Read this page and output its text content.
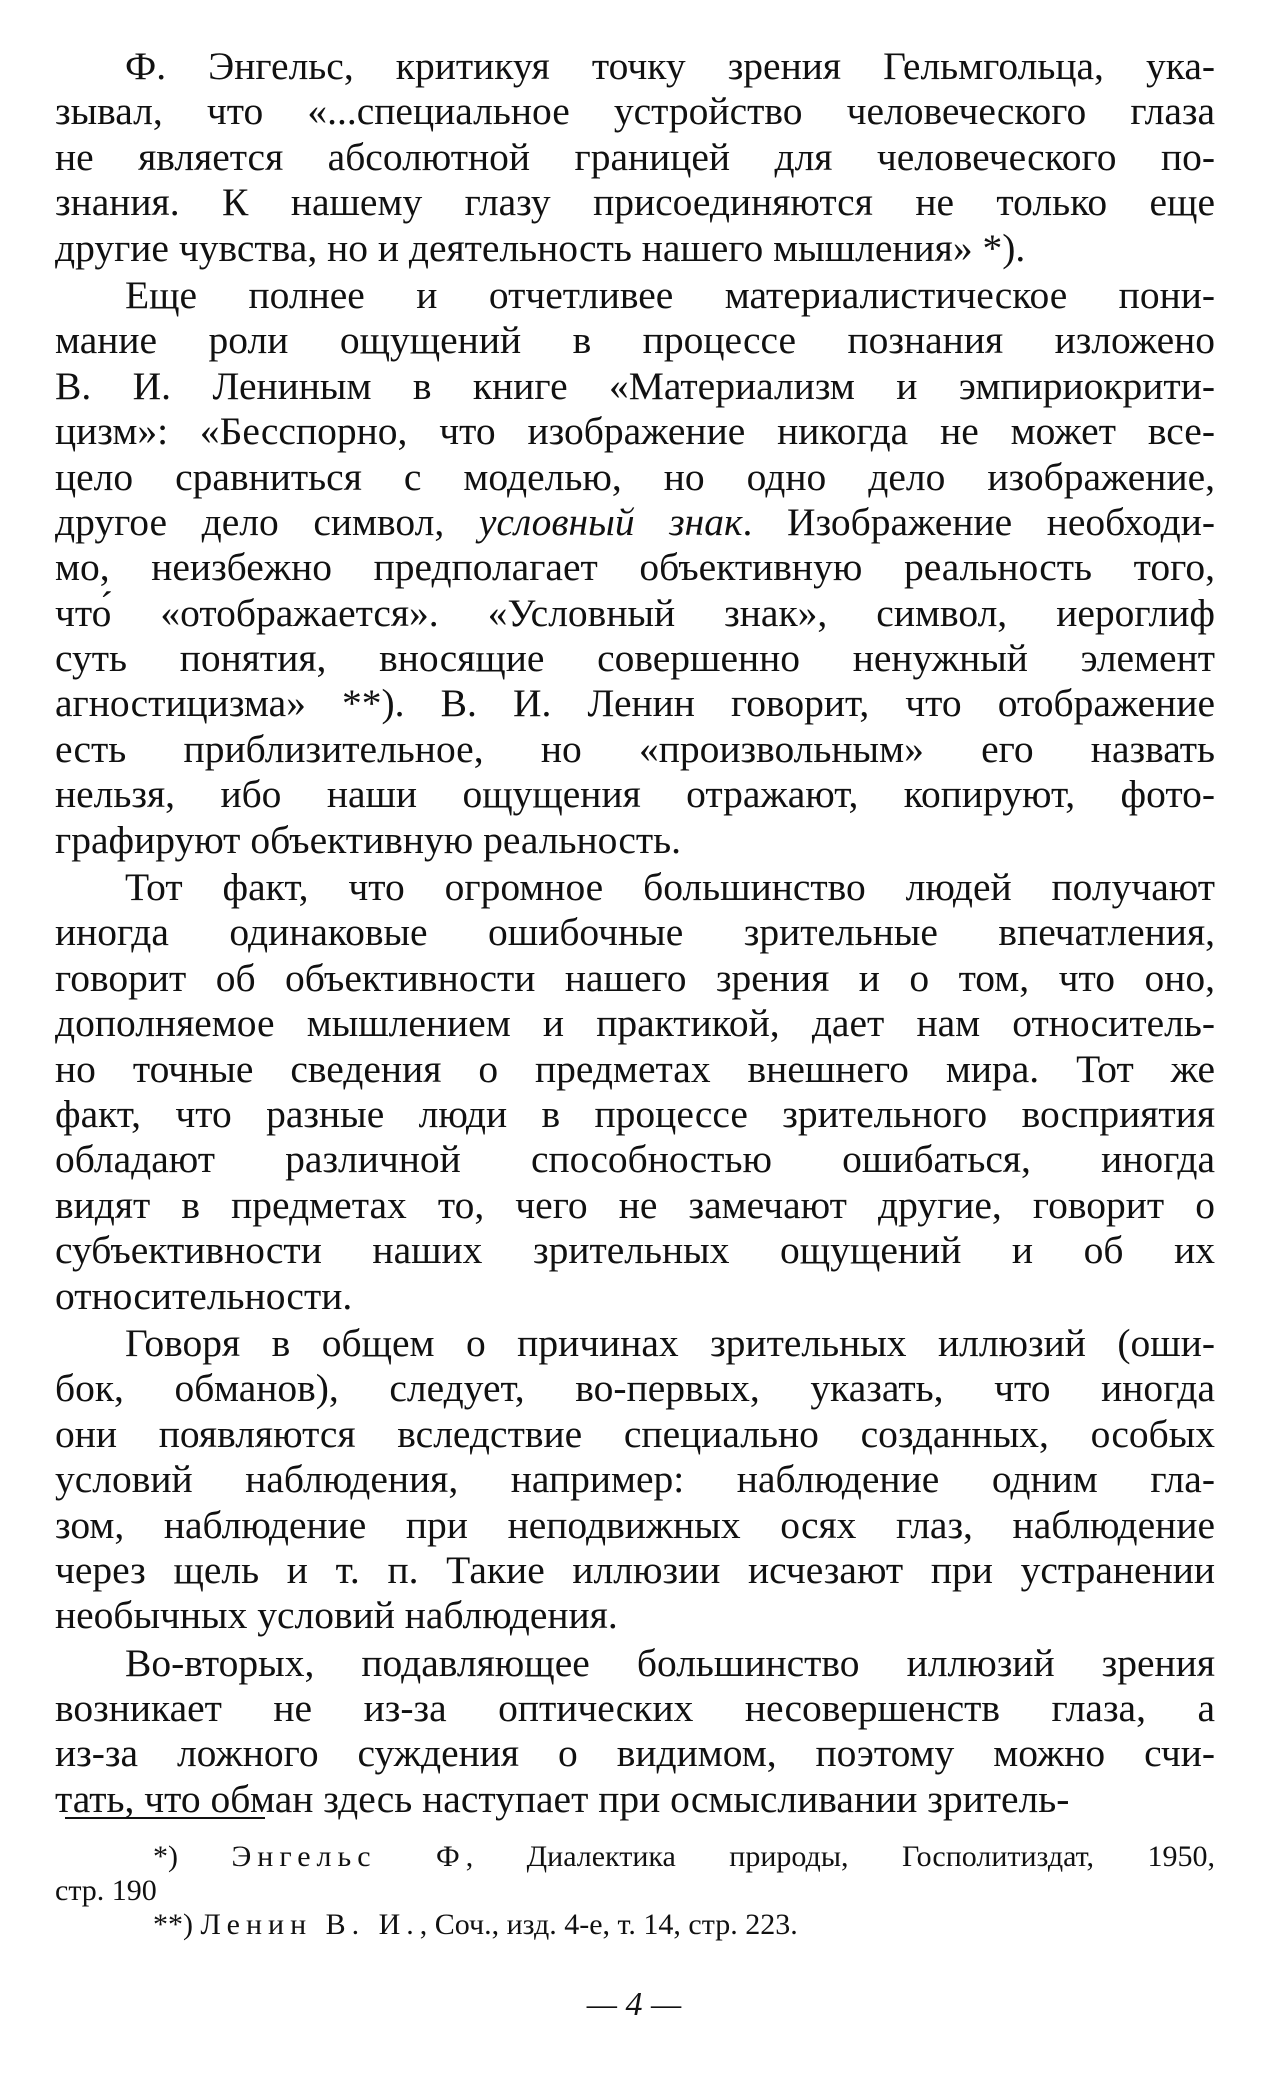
Ф. Энгельс, критикуя точку зрения Гельмгольца, ука-
зывал, что «...специальное устройство человеческого глаза
не является абсолютной границей для человеческого по-
знания. К нашему глазу присоединяются не только еще
другие чувства, но и деятельность нашего мышления» *).
Еще полнее и отчетливее материалистическое пони-
мание роли ощущений в процессе познания изложено
В. И. Лениным в книге «Материализм и эмпириокрити-
цизм»: «Бесспорно, что изображение никогда не может все-
цело сравниться с моделью, но одно дело изображение,
другое дело символ, условный знак. Изображение необходи-
мо, неизбежно предполагает объективную реальность того,
что́ «отображается». «Условный знак», символ, иероглиф
суть понятия, вносящие совершенно ненужный элемент
агностицизма» **). В. И. Ленин говорит, что отображение
есть приблизительное, но «произвольным» его назвать
нельзя, ибо наши ощущения отражают, копируют, фото-
графируют объективную реальность.
Тот факт, что огромное большинство людей получают
иногда одинаковые ошибочные зрительные впечатления,
говорит об объективности нашего зрения и о том, что оно,
дополняемое мышлением и практикой, дает нам относитель-
но точные сведения о предметах внешнего мира. Тот же
факт, что разные люди в процессе зрительного восприятия
обладают различной способностью ошибаться, иногда
видят в предметах то, чего не замечают другие, говорит о
субъективности наших зрительных ощущений и об их
относительности.
Говоря в общем о причинах зрительных иллюзий (оши-
бок, обманов), следует, во-первых, указать, что иногда
они появляются вследствие специально созданных, особых
условий наблюдения, например: наблюдение одним гла-
зом, наблюдение при неподвижных осях глаз, наблюдение
через щель и т. п. Такие иллюзии исчезают при устранении
необычных условий наблюдения.
Во-вторых, подавляющее большинство иллюзий зрения
возникает не из-за оптических несовершенств глаза, а
из-за ложного суждения о видимом, поэтому можно счи-
тать, что обман здесь наступает при осмысливании зритель-
*) Энгельс Ф, Диалектика природы, Госполитиздат, 1950,
стр. 190
**) Ленин В. И., Соч., изд. 4-е, т. 14, стр. 223.
— 4 —
